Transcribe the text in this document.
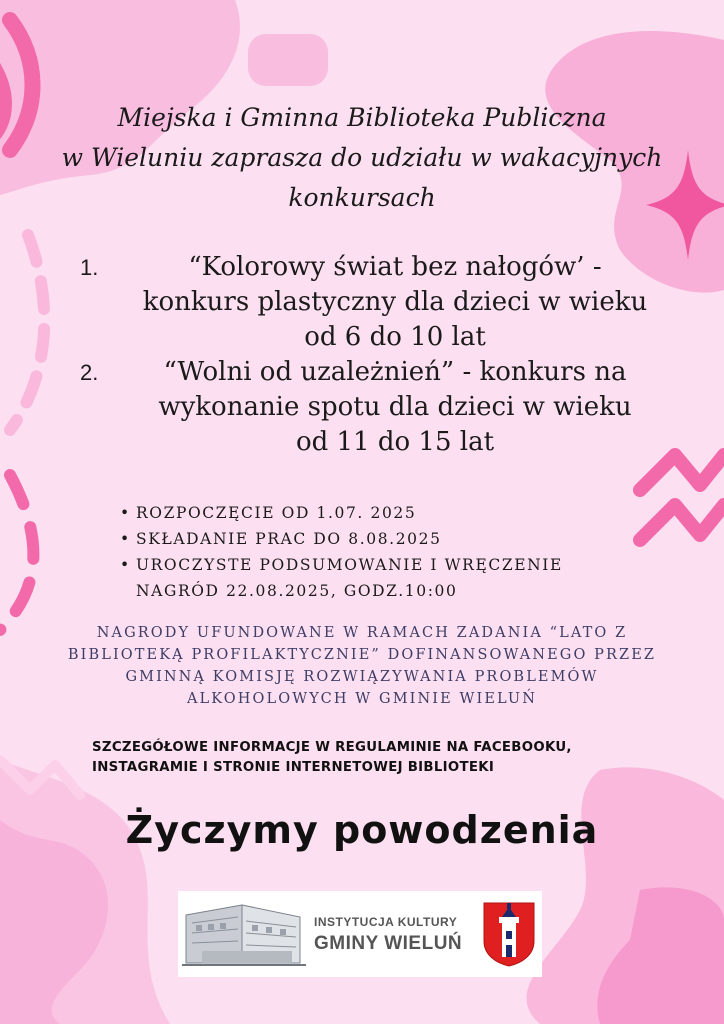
Miejska i Gminna Biblioteka Publiczna
w Wieluniu zaprasza do udziału w wakacyjnych
konkursach

1.	“Kolorowy świat bez nałogów’ -
konkurs plastyczny dla dzieci w wieku
od 6 do 10 lat
2.	“Wolni od uzależnień” - konkurs na
wykonanie spotu dla dzieci w wieku
od 11 do 15 lat
• ROZPOCZĘCIE OD 1.07. 2025
• SKŁADANIE PRAC DO 8.08.2025
• UROCZYSTE PODSUMOWANIE I WRĘCZENIE
NAGRÓD 22.08.2025, GODZ.10:00

NAGRODY UFUNDOWANE W RAMACH ZADANIA “LATO Z
BIBLIOTEKĄ PROFILAKTYCZNIE” DOFINANSOWANEGO PRZEZ
GMINNĄ KOMISJĘ ROZWIĄZYWANIA PROBLEMÓW
ALKOHOLOWYCH W GMINIE WIELUŃ

SZCZEGÓŁOWE INFORMACJE W REGULAMINIE NA FACEBOOKU,
INSTAGRAMIE I STRONIE INTERNETOWEJ BIBLIOTEKI

Życzymy powodzenia

INSTYTUCJA KULTURY
GMINY WIELUŃ
